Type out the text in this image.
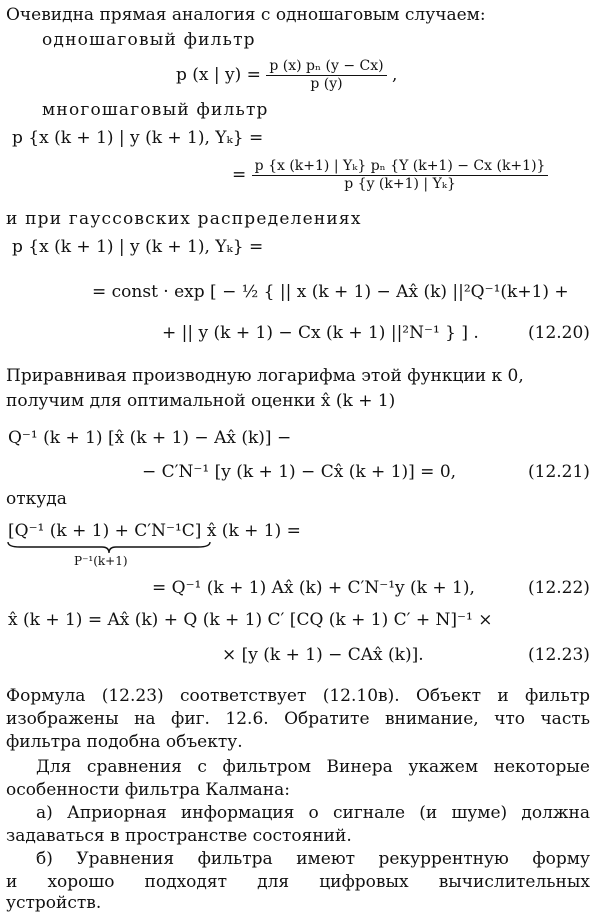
Очевидна прямая аналогия с одношаговым случаем:
одношаговый фильтр
p (x | $y) = \frac{\text{p (x) pₙ (y − Cx)}}{p (y)}$ ,
многошаговый фильтр
p {x (k + 1) | y (k + 1), Yₖ} =
= $\frac{\text{p \{x (k+1) | Yₖ\} pₙ \{Y (k+1) − Cx (k+1)\}}}{\text{p \{y (k+1) | Yₖ\}}}$
и при гауссовских распределениях
p {x (k + 1) | y (k + 1), Yₖ} =
= const · exp [ − ½ { || x (k + 1) − Ax̂ (k) ||²Q⁻¹(k+1) +
+ || y (k + 1) − Cx (k + 1) ||²N⁻¹ } ] .	(12.20)
Приравнивая производную логарифма этой функции к 0,
получим для оптимальной оценки x̂ (k + 1)
Q⁻¹ (k + 1) [x̂ (k + 1) − Ax̂ (k)] −
− C′N⁻¹ [y (k + 1) − Cx̂ (k + 1)] = 0,	(12.21)
откуда
[Q⁻¹ (k + 1) + C′N⁻¹C] x̂ (k + 1) =
P⁻¹(k+1)
= Q⁻¹ (k + 1) Ax̂ (k) + C′N⁻¹y (k + 1),	(12.22)
x̂ (k + 1) = Ax̂ (k) + Q (k + 1) C′ [CQ (k + 1) C′ + N]⁻¹ ×
× [y (k + 1) − CAx̂ (k)].	(12.23)
Формула (12.23) соответствует (12.10в). Объект и фильтр
изображены на фиг. 12.6. Обратите внимание, что часть
фильтра подобна объекту.
Для сравнения с фильтром Винера укажем некоторые
особенности фильтра Калмана:
а) Априорная информация о сигнале (и шуме) должна
задаваться в пространстве состояний.
б) Уравнения фильтра имеют рекуррентную форму
и хорошо подходят для цифровых вычислительных
устройств.
